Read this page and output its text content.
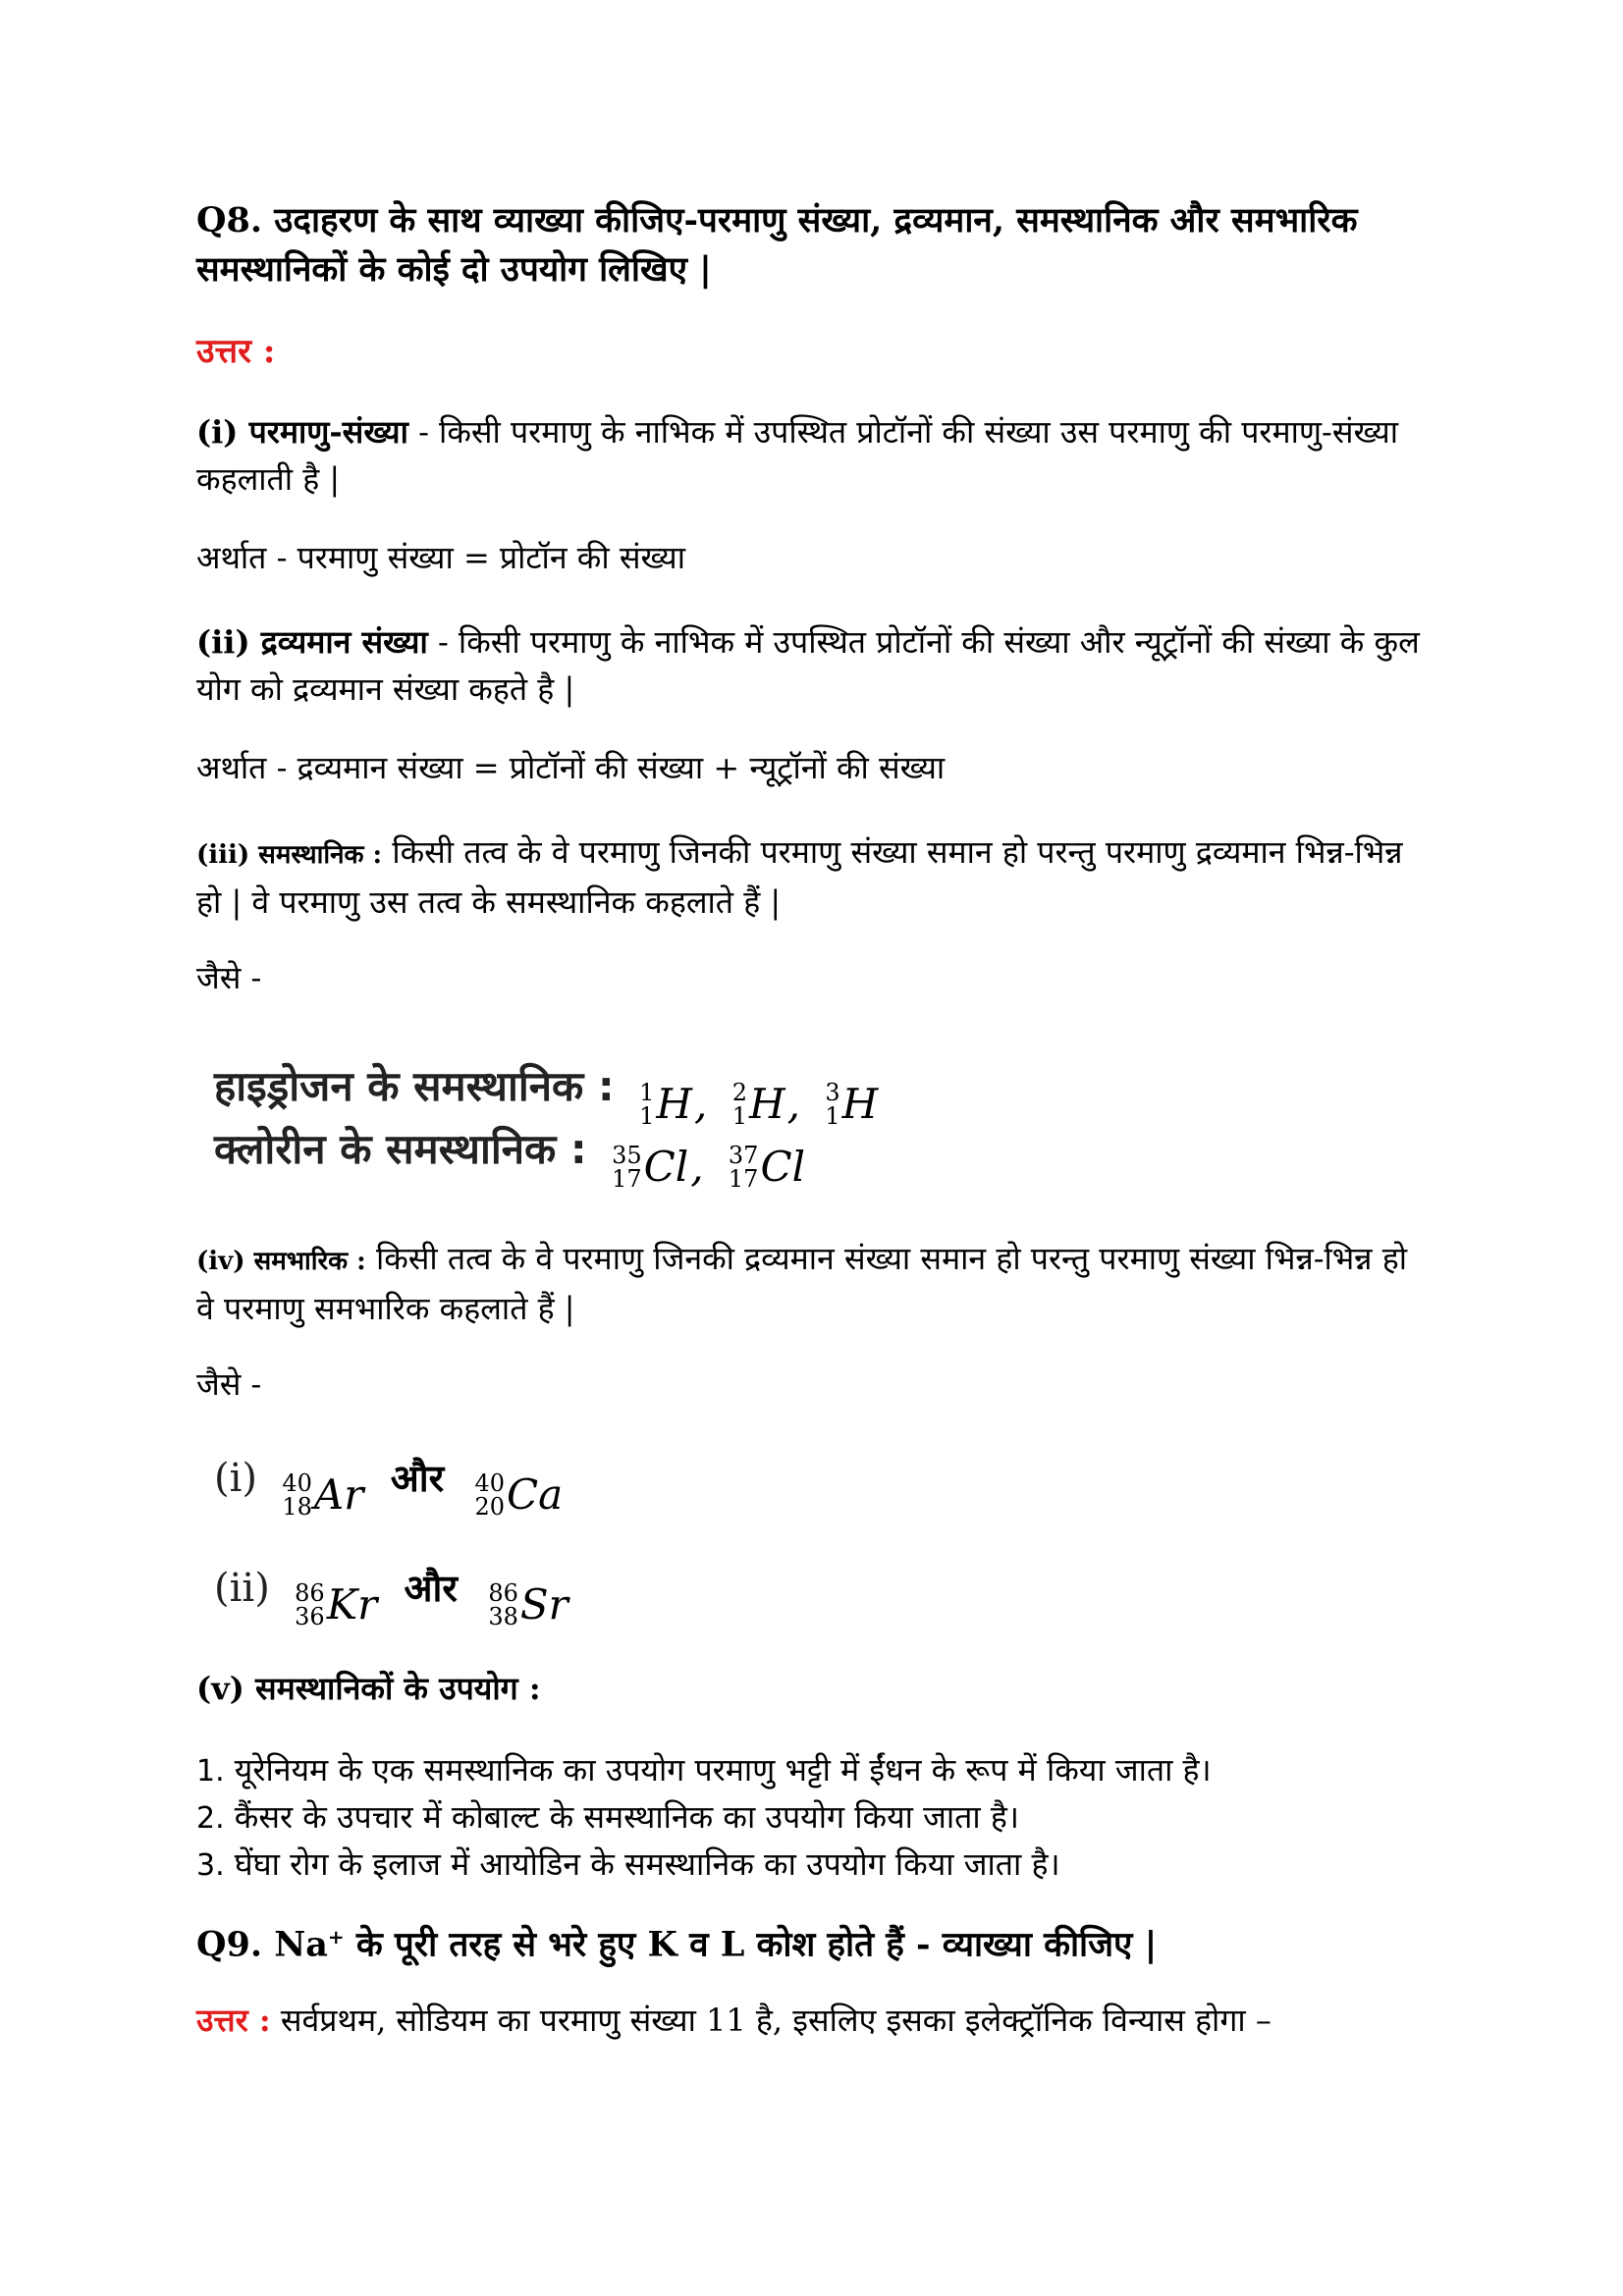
Q8. उदाहरण के साथ व्याख्या कीजिए-परमाणु संख्या, द्रव्यमान, समस्थानिक और समभारिक
समस्थानिकों के कोई दो उपयोग लिखिए |
उत्तर :
(i) परमाणु-संख्या - किसी परमाणु के नाभिक में उपस्थित प्रोटॉनों की संख्या उस परमाणु की परमाणु-संख्या कहलाती है |
अर्थात - परमाणु संख्या = प्रोटॉन की संख्या
(ii) द्रव्यमान संख्या - किसी परमाणु के नाभिक में उपस्थित प्रोटॉनों की संख्या और न्यूट्रॉनों की संख्या के कुल योग को द्रव्यमान संख्या कहते है |
अर्थात - द्रव्यमान संख्या = प्रोटॉनों की संख्या + न्यूट्रॉनों की संख्या
(iii) समस्थानिक : किसी तत्व के वे परमाणु जिनकी परमाणु संख्या समान हो परन्तु परमाणु द्रव्यमान भिन्न-भिन्न हो | वे परमाणु उस तत्व के समस्थानिक कहलाते हैं |
जैसे -
हाइड्रोजन के समस्थानिक : 1
1 H ,
2
1 H ,
3
1 H
क्लोरीन के समस्थानिक : 35
17 Cl ,
37
17 Cl
(iv) समभारिक : किसी तत्व के वे परमाणु जिनकी द्रव्यमान संख्या समान हो परन्तु परमाणु संख्या भिन्न-भिन्न हो वे परमाणु समभारिक कहलाते हैं |
जैसे -
(i) 40
18 Ar और 40
20 Ca
(ii) 86
36 Kr और 86
38 Sr
(v) समस्थानिकों के उपयोग :
1. यूरेनियम के एक समस्थानिक का उपयोग परमाणु भट्टी में ईंधन के रूप में किया जाता है।
2. कैंसर के उपचार में कोबाल्ट के समस्थानिक का उपयोग किया जाता है।
3. घेंघा रोग के इलाज में आयोडिन के समस्थानिक का उपयोग किया जाता है।
Q9. Na+ के पूरी तरह से भरे हुए K व L कोश होते हैं - व्याख्या कीजिए |
उत्तर : सर्वप्रथम, सोडियम का परमाणु संख्या 11 है, इसलिए इसका इलेक्ट्रॉनिक विन्यास होगा –
